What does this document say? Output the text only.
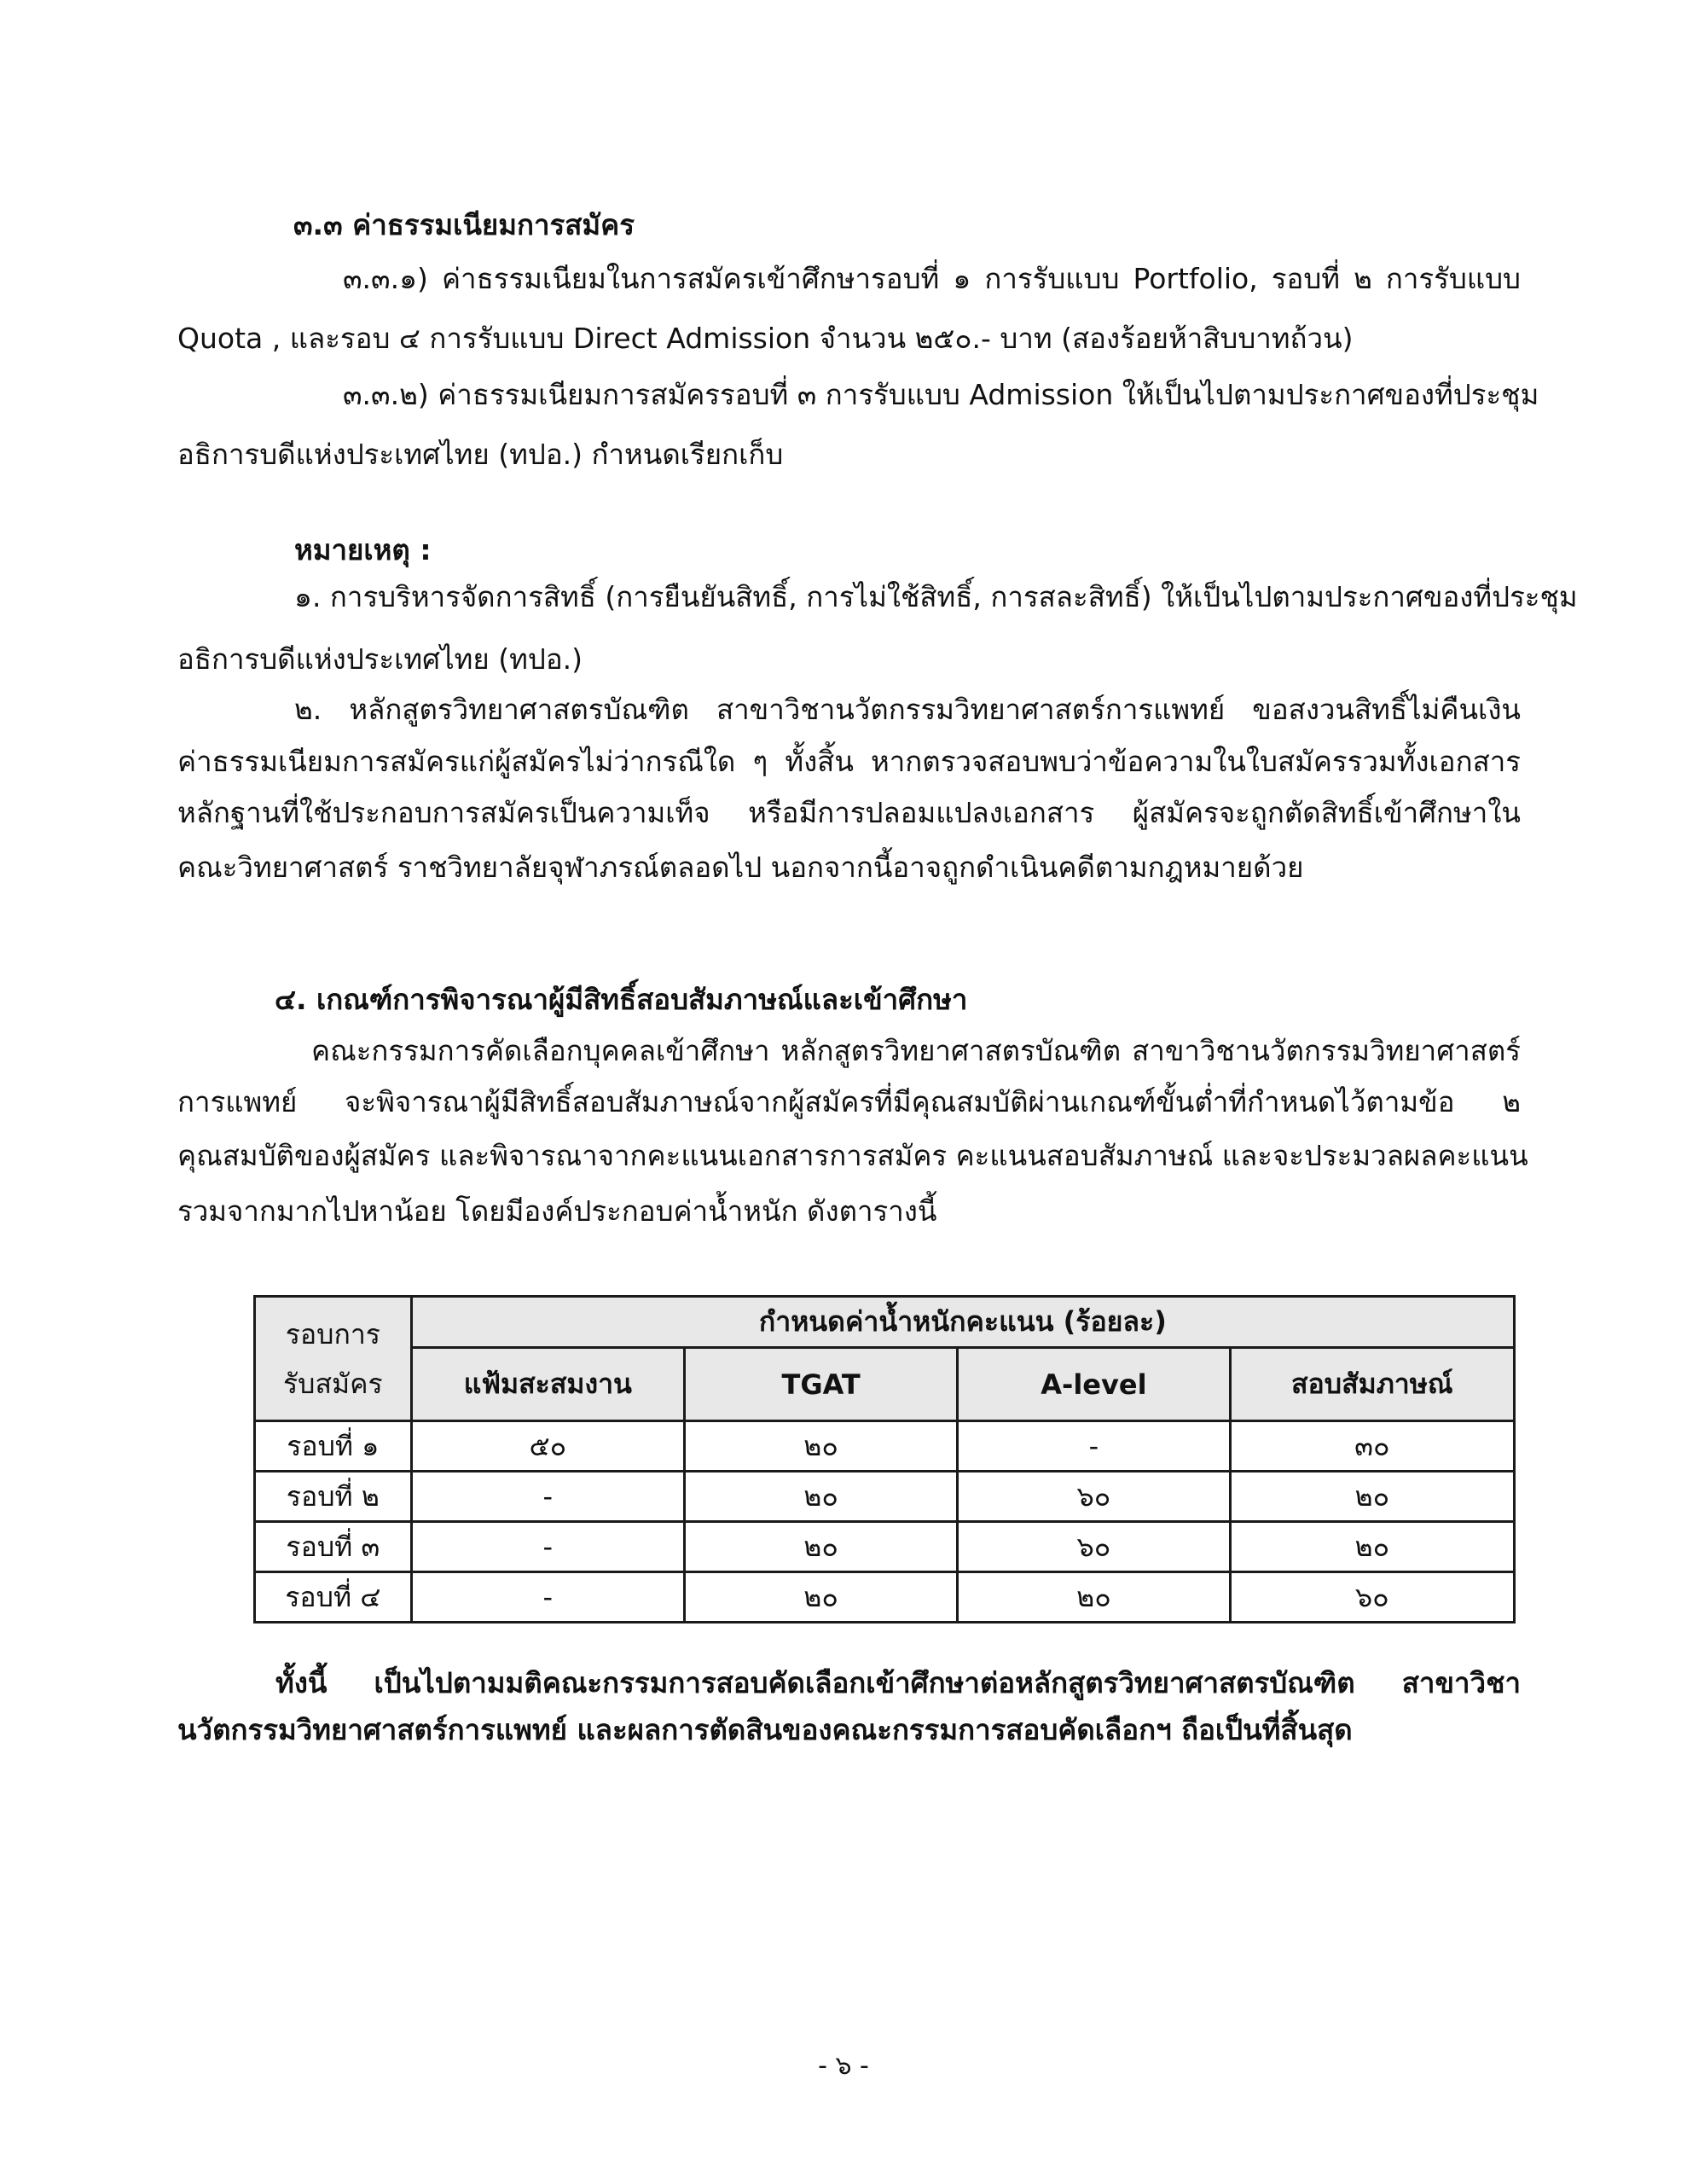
๓.๓ ค่าธรรมเนียมการสมัคร
๓.๓.๑) ค่าธรรมเนียมในการสมัครเข้าศึกษารอบที่ ๑ การรับแบบ Portfolio, รอบที่ ๒ การรับแบบ
Quota , และรอบ ๔ การรับแบบ Direct Admission จำนวน ๒๕๐.- บาท (สองร้อยห้าสิบบาทถ้วน)
๓.๓.๒) ค่าธรรมเนียมการสมัครรอบที่ ๓ การรับแบบ Admission ให้เป็นไปตามประกาศของที่ประชุม
อธิการบดีแห่งประเทศไทย (ทปอ.) กำหนดเรียกเก็บ
หมายเหตุ :
๑. การบริหารจัดการสิทธิ์ (การยืนยันสิทธิ์, การไม่ใช้สิทธิ์, การสละสิทธิ์) ให้เป็นไปตามประกาศของที่ประชุม
อธิการบดีแห่งประเทศไทย (ทปอ.)
๒. หลักสูตรวิทยาศาสตรบัณฑิต สาขาวิชานวัตกรรมวิทยาศาสตร์การแพทย์ ขอสงวนสิทธิ์ไม่คืนเงิน
ค่าธรรมเนียมการสมัครแก่ผู้สมัครไม่ว่ากรณีใด ๆ ทั้งสิ้น หากตรวจสอบพบว่าข้อความในใบสมัครรวมทั้งเอกสาร
หลักฐานที่ใช้ประกอบการสมัครเป็นความเท็จ หรือมีการปลอมแปลงเอกสาร ผู้สมัครจะถูกตัดสิทธิ์เข้าศึกษาใน
คณะวิทยาศาสตร์ ราชวิทยาลัยจุฬาภรณ์ตลอดไป นอกจากนี้อาจถูกดำเนินคดีตามกฎหมายด้วย
๔. เกณฑ์การพิจารณาผู้มีสิทธิ์สอบสัมภาษณ์และเข้าศึกษา
คณะกรรมการคัดเลือกบุคคลเข้าศึกษา หลักสูตรวิทยาศาสตรบัณฑิต สาขาวิชานวัตกรรมวิทยาศาสตร์
การแพทย์ จะพิจารณาผู้มีสิทธิ์สอบสัมภาษณ์จากผู้สมัครที่มีคุณสมบัติผ่านเกณฑ์ขั้นต่ำที่กำหนดไว้ตามข้อ ๒
คุณสมบัติของผู้สมัคร และพิจารณาจากคะแนนเอกสารการสมัคร คะแนนสอบสัมภาษณ์ และจะประมวลผลคะแนน
รวมจากมากไปหาน้อย โดยมีองค์ประกอบค่าน้ำหนัก ดังตารางนี้
รอบการ
รับสมัคร	กำหนดค่าน้ำหนักคะแนน (ร้อยละ)			
	แฟ้มสะสมงาน	TGAT	A-level	สอบสัมภาษณ์
รอบที่ ๑	๕๐	๒๐	-	๓๐
รอบที่ ๒	-	๒๐	๖๐	๒๐
รอบที่ ๓	-	๒๐	๖๐	๒๐
รอบที่ ๔	-	๒๐	๒๐	๖๐
ทั้งนี้ เป็นไปตามมติคณะกรรมการสอบคัดเลือกเข้าศึกษาต่อหลักสูตรวิทยาศาสตรบัณฑิต สาขาวิชา
นวัตกรรมวิทยาศาสตร์การแพทย์ และผลการตัดสินของคณะกรรมการสอบคัดเลือกฯ ถือเป็นที่สิ้นสุด
- ๖ -
